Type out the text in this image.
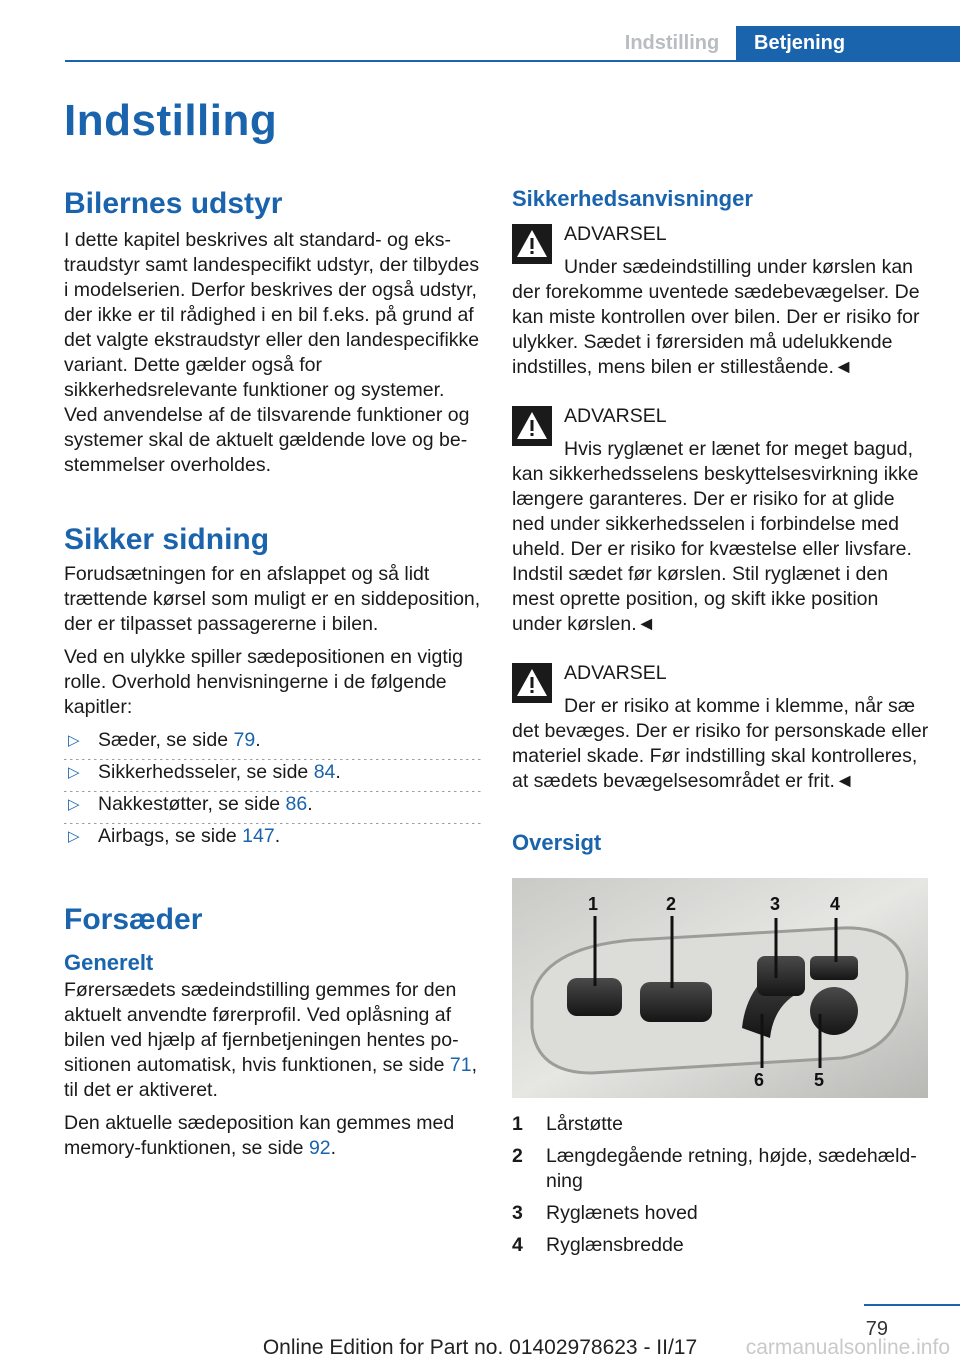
Indstilling	Betjening
Indstilling
Bilernes udstyr

I dette kapitel beskrives alt standard- og ekstraudstyr samt landespecifikt udstyr, der tilbydes i modelserien. Derfor beskrives der også udstyr, der ikke er til rådighed i en bil f.eks. på grund af det valgte ekstraudstyr eller den landespecifikke variant. Dette gælder også for sikkerhedsrelevante funktioner og systemer. Ved anvendelse af de tilsvarende funktioner og systemer skal de aktuelt gældende love og bestemmelser overholdes.

Sikker sidning

Forudsætningen for en afslappet og så lidt trættende kørsel som muligt er en siddeposition, der er tilpasset passagererne i bilen.

Ved en ulykke spiller sædepositionen en vigtig rolle. Overhold henvisningerne i de følgende kapitler:

▷ Sæder, se side 79.
▷ Sikkerhedsseler, se side 84.
▷ Nakkestøtter, se side 86.
▷ Airbags, se side 147.
Forsæder
Generelt

Førersædets sædeindstilling gemmes for den aktuelt anvendte førerprofil. Ved oplåsning af bilen ved hjælp af fjernbetjeningen hentes positionen automatisk, hvis funktionen, se side 71, til det er aktiveret.

Den aktuelle sædeposition kan gemmes med memory-funktionen, se side 92.

Sikkerhedsanvisninger
ADVARSEL

Under sædeindstilling under kørslen kan

der forekomme uventede sædebevægelser. De kan miste kontrollen over bilen. Der er risiko for ulykker. Sædet i førersiden må udelukkende indstilles, mens bilen er stillestående.◄

ADVARSEL

Hvis ryglænet er lænet for meget bagud,

kan sikkerhedsselens beskyttelsesvirkning ikke længere garanteres. Der er risiko for at glide ned under sikkerhedsselen i forbindelse med uheld. Der er risiko for kvæstelse eller livsfare. Indstil sædet før kørslen. Stil ryglænet i den mest oprette position, og skift ikke position under kørslen.◄

ADVARSEL

Der er risiko at komme i klemme, når sæ

det bevæges. Der er risiko for personskade eller materiel skade. Før indstilling skal kontrolleres, at sædets bevægelsesområdet er frit.◄

Oversigt
1	2	3	4
5
6
1 Lårstøtte
2 Længdegående retning, højde, sædehældning
3 Ryglænets hoved
4 Ryglænsbredde
79
Online Edition for Part no. 01402978623 - II/17	carmanualsonline.info
